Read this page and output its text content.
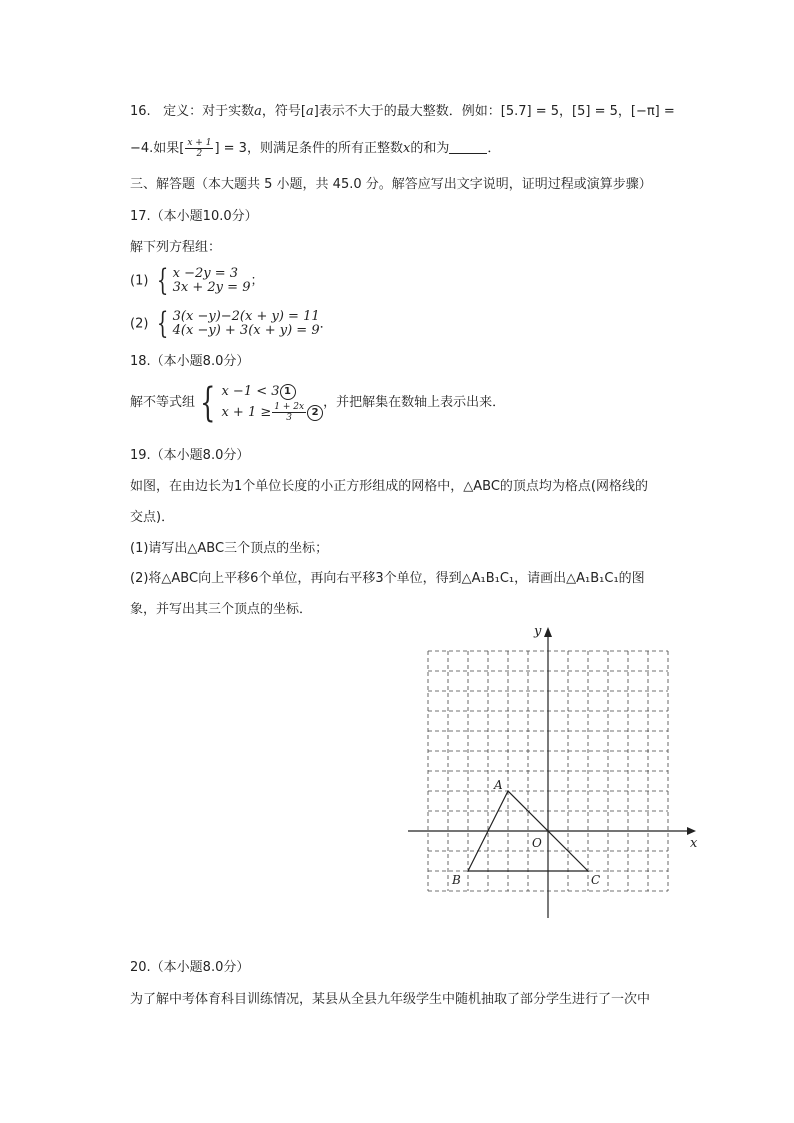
16. 定义：对于实数a，符号[a]表示不大于的最大整数．例如：[5.7] = 5，[5] = 5，[−π] =
−4.如果[ $\frac{x + 1}{2}$ ] = 3，则满足条件的所有正整数x的和为	．
三、解答题（本大题共 5 小题，共 45.0 分。解答应写出文字说明，证明过程或演算步骤）
17.（本小题10.0分）
解下列方程组：
(1) { x −2y = 3
3x + 2y = 9 ；
(2) { 3(x −y)−2(x + y) = 11
4(x −y) + 3(x + y) = 9 ．
18.（本小题8.0分）
解不等式组 { x −1 < 3 1
$x + 1 \ge \frac{1 + 2x}{3} 2$
，并把解集在数轴上表示出来．
19.（本小题8.0分）
如图，在由边长为1个单位长度的小正方形组成的网格中，△ABC的顶点均为格点(网格线的
交点)．
(1)请写出△ABC三个顶点的坐标；
(2)将△ABC向上平移6个单位，再向右平移3个单位，得到△A₁B₁C₁，请画出△A₁B₁C₁的图
象，并写出其三个顶点的坐标．
x
y
O
A
B	C
20.（本小题8.0分）
为了解中考体育科目训练情况，某县从全县九年级学生中随机抽取了部分学生进行了一次中
